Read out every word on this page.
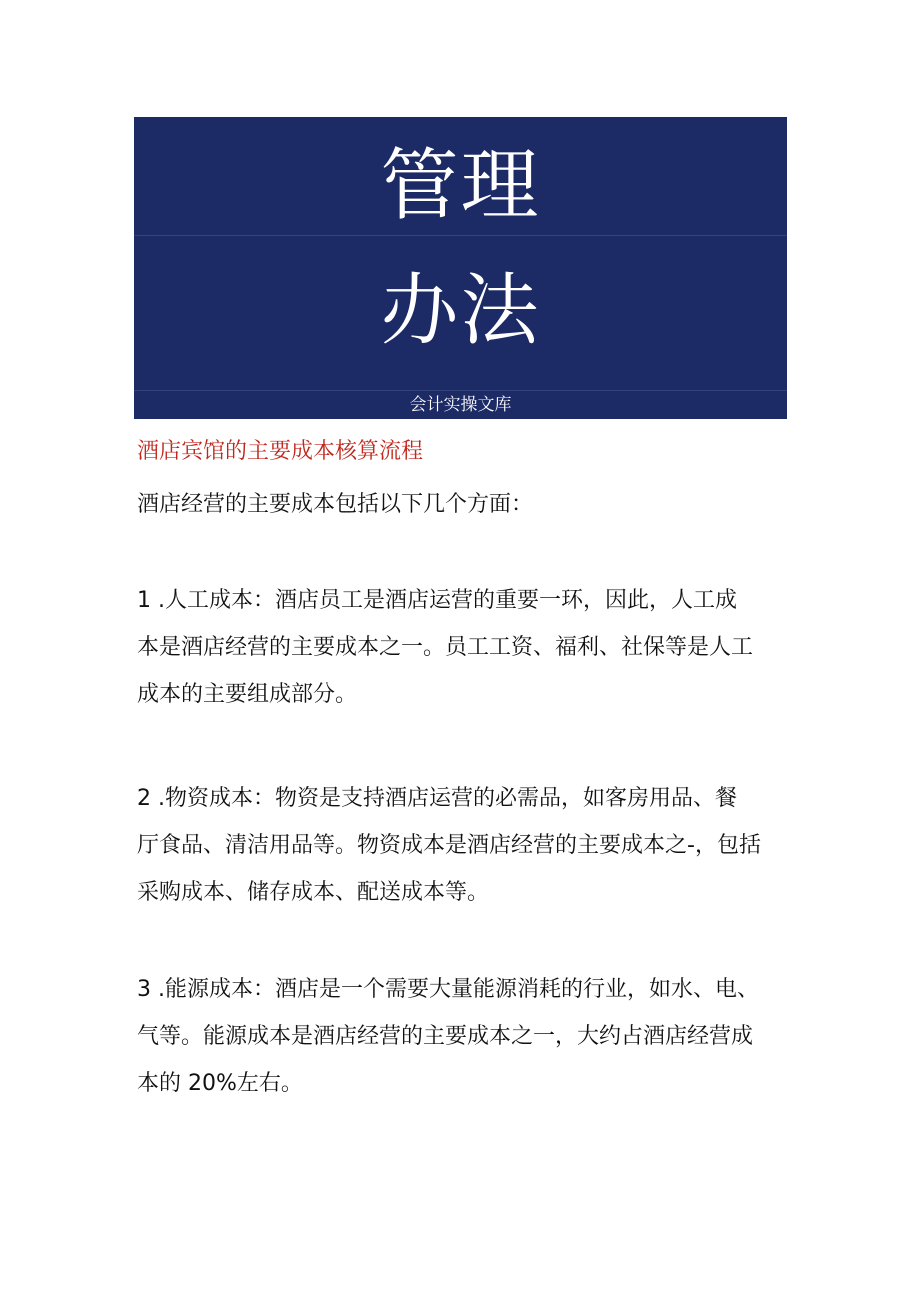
管理
办法
会计实操文库
酒店宾馆的主要成本核算流程
酒店经营的主要成本包括以下几个方面：

1 .人工成本：酒店员工是酒店运营的重要一环，因此，人工成
本是酒店经营的主要成本之一。员工工资、福利、社保等是人工
成本的主要组成部分。

2 .物资成本：物资是支持酒店运营的必需品，如客房用品、餐
厅食品、清洁用品等。物资成本是酒店经营的主要成本之-，包括
采购成本、储存成本、配送成本等。

3 .能源成本：酒店是一个需要大量能源消耗的行业，如水、电、
气等。能源成本是酒店经营的主要成本之一，大约占酒店经营成
本的 20%左右。
